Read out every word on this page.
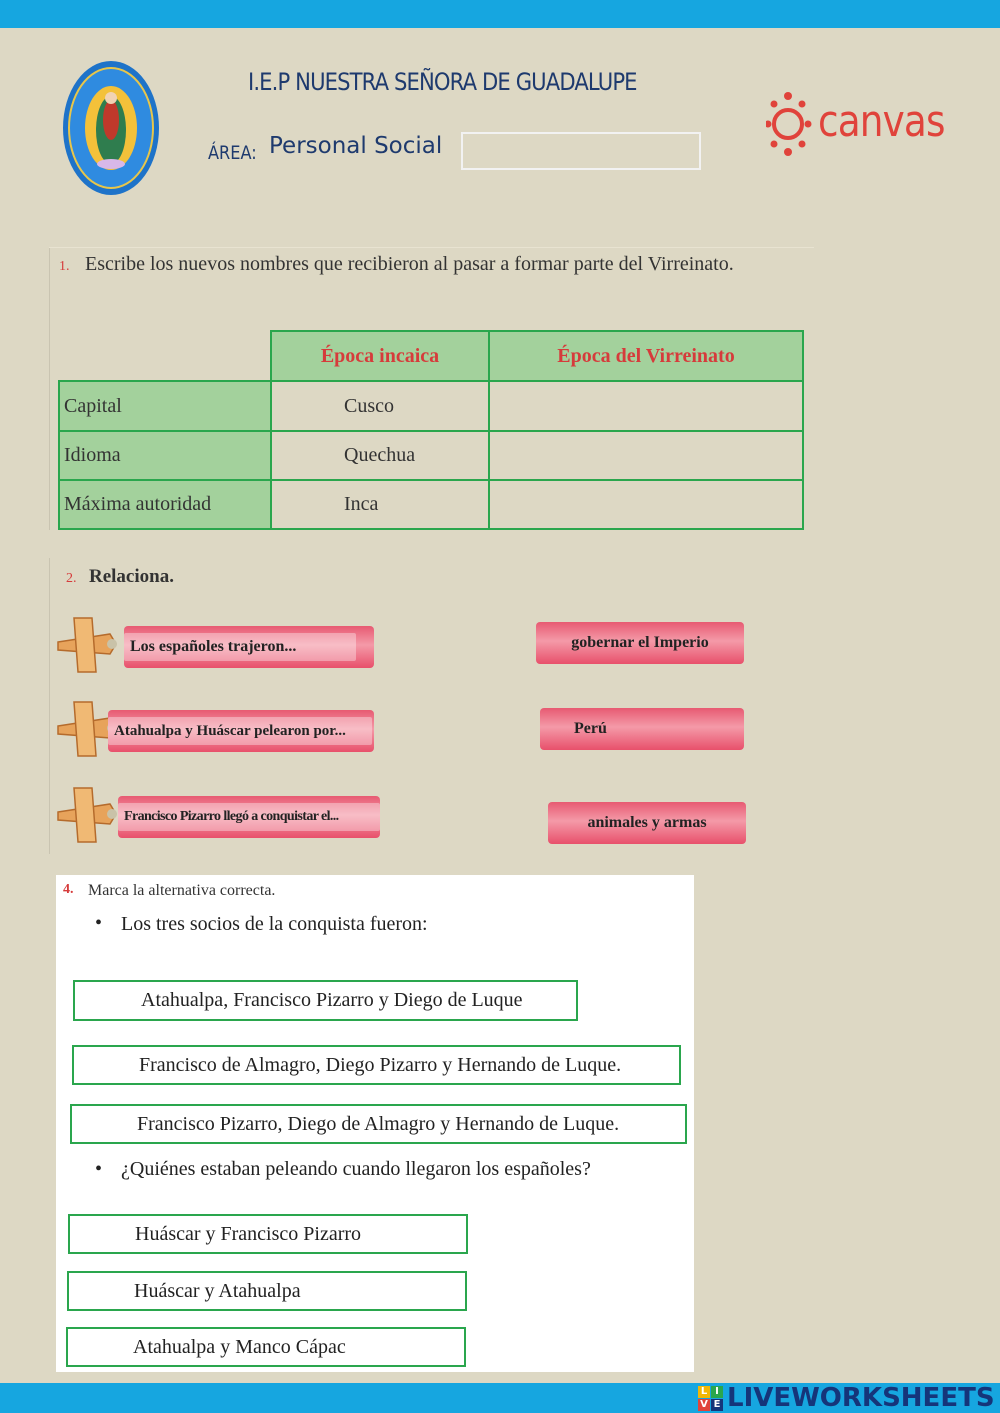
I.E.P NUESTRA SEÑORA DE GUADALUPE
ÁREA: Personal Social	canvas
1. Escribe los nuevos nombres que recibieron al pasar a formar parte del Virreinato.
	Época incaica	Época del Virreinato
Capital	Cusco	
Idioma	Quechua	
Máxima autoridad	Inca	
2. Relaciona.
Los españoles trajeron...
Atahualpa y Huáscar pelearon por...
Francisco Pizarro llegó a conquistar el...
gobernar el Imperio
Perú
animales y armas
4. Marca la alternativa correcta.
• Los tres socios de la conquista fueron:
Atahualpa, Francisco Pizarro y Diego de Luque
Francisco de Almagro, Diego Pizarro y Hernando de Luque.
Francisco Pizarro, Diego de Almagro y Hernando de Luque.
• ¿Quiénes estaban peleando cuando llegaron los españoles?
Huáscar y Francisco Pizarro
Huáscar y Atahualpa
Atahualpa y Manco Cápac
L I
V E LIVEWORKSHEETS
